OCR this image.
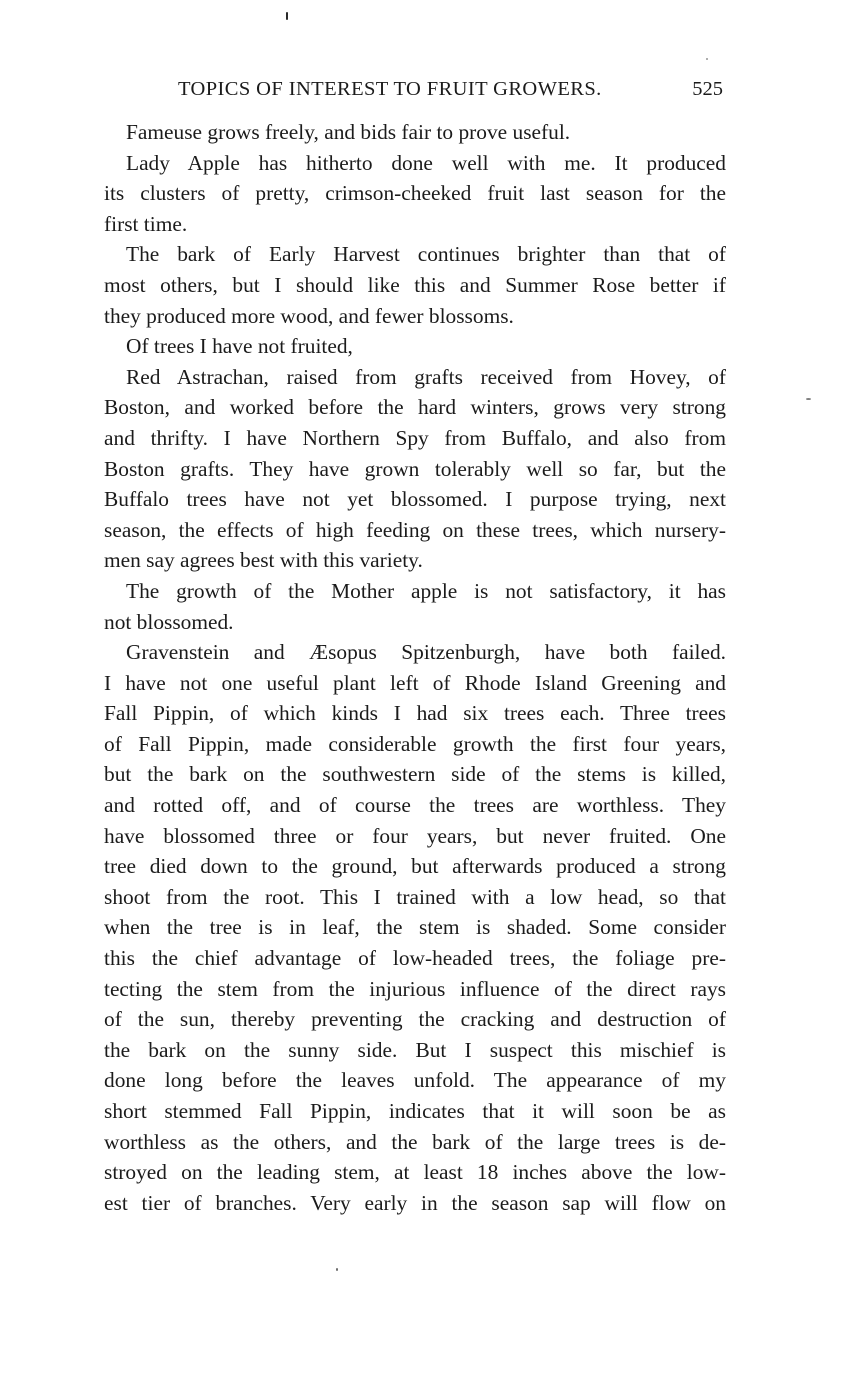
TOPICS OF INTEREST TO FRUIT GROWERS.	525
Fameuse grows freely, and bids fair to prove useful.
Lady Apple has hitherto done well with me. It produced
its clusters of pretty, crimson-cheeked fruit last season for the
first time.
The bark of Early Harvest continues brighter than that of
most others, but I should like this and Summer Rose better if
they produced more wood, and fewer blossoms.
Of trees I have not fruited,
Red Astrachan, raised from grafts received from Hovey, of
Boston, and worked before the hard winters, grows very strong
and thrifty. I have Northern Spy from Buffalo, and also from
Boston grafts. They have grown tolerably well so far, but the
Buffalo trees have not yet blossomed. I purpose trying, next
season, the effects of high feeding on these trees, which nursery-
men say agrees best with this variety.
The growth of the Mother apple is not satisfactory, it has
not blossomed.
Gravenstein and Æsopus Spitzenburgh, have both failed.
I have not one useful plant left of Rhode Island Greening and
Fall Pippin, of which kinds I had six trees each. Three trees
of Fall Pippin, made considerable growth the first four years,
but the bark on the southwestern side of the stems is killed,
and rotted off, and of course the trees are worthless. They
have blossomed three or four years, but never fruited. One
tree died down to the ground, but afterwards produced a strong
shoot from the root. This I trained with a low head, so that
when the tree is in leaf, the stem is shaded. Some consider
this the chief advantage of low-headed trees, the foliage pre-
tecting the stem from the injurious influence of the direct rays
of the sun, thereby preventing the cracking and destruction of
the bark on the sunny side. But I suspect this mischief is
done long before the leaves unfold. The appearance of my
short stemmed Fall Pippin, indicates that it will soon be as
worthless as the others, and the bark of the large trees is de-
stroyed on the leading stem, at least 18 inches above the low-
est tier of branches. Very early in the season sap will flow on
